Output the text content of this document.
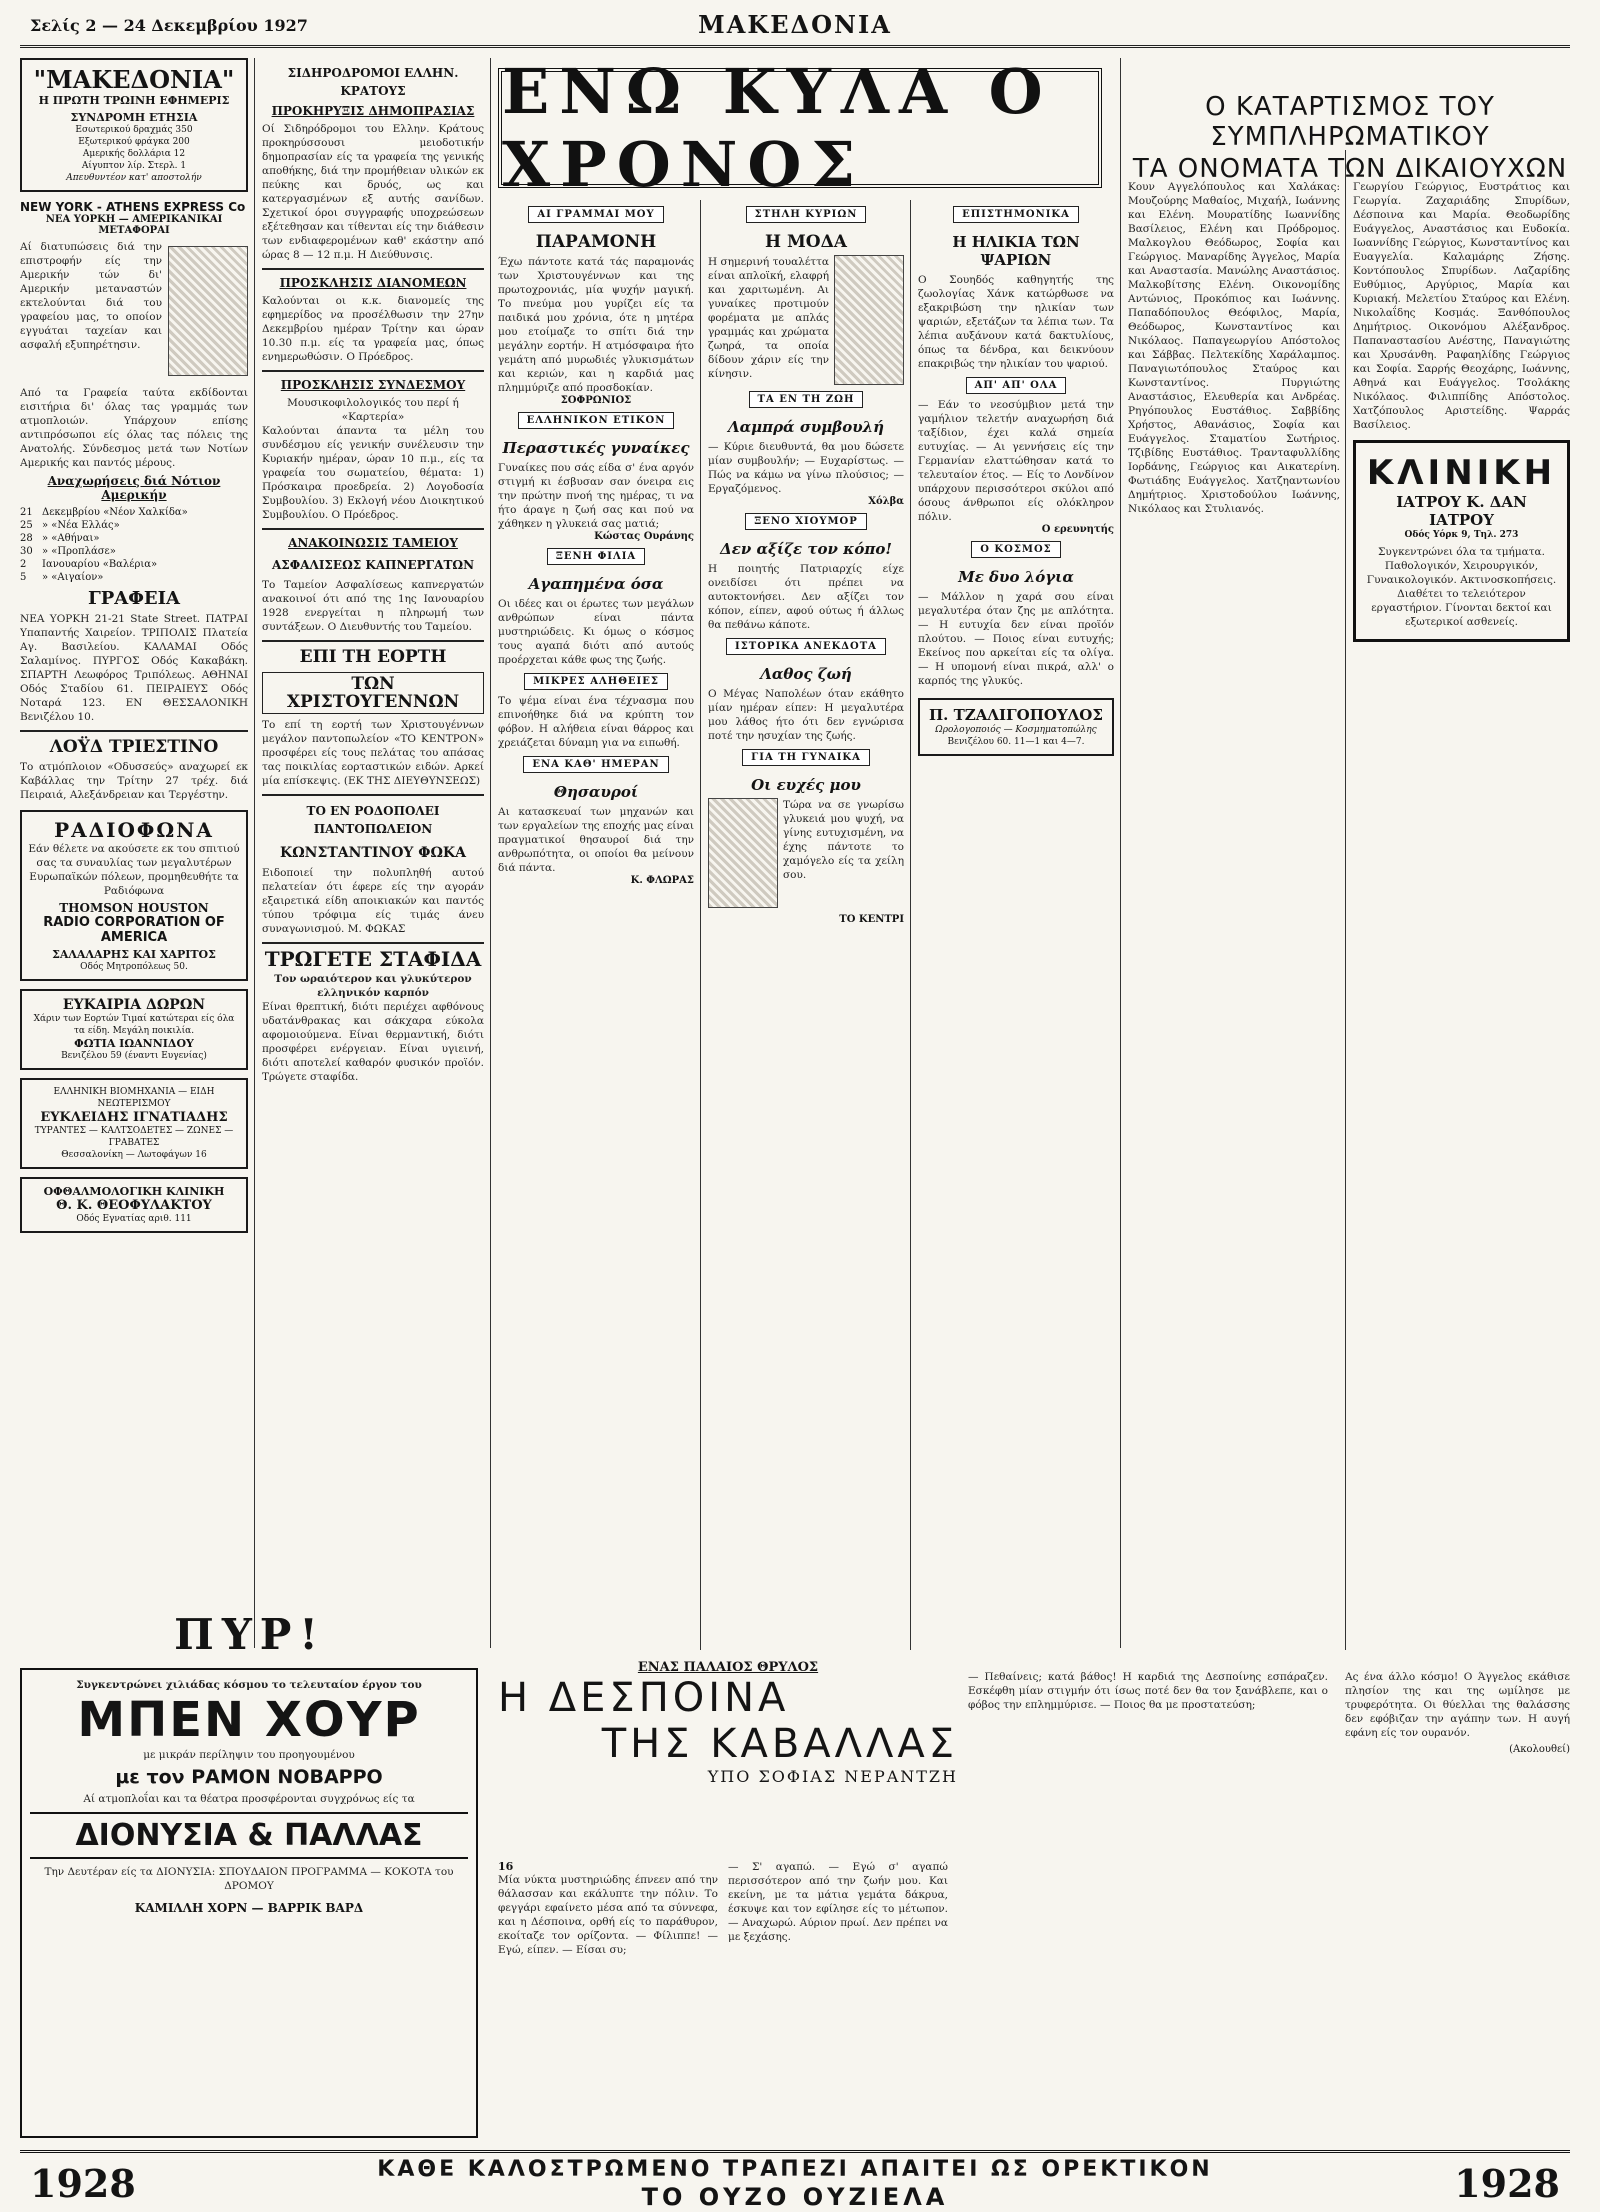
Σελίς 2 — 24 Δεκεμβρίου 1927	ΜΑΚΕΔΟΝΙΑ
"ΜΑΚΕΔΟΝΙΑ"
Η ΠΡΩΤΗ ΤΡΩΙΝΗ ΕΦΗΜΕΡΙΣ
ΣΥΝΔΡΟΜΗ ΕΤΗΣΙΑ
Εσωτερικού δραχμάς 350
Εξωτερικού φράγκα 200
Αμερικής δολλάρια 12
Αίγυπτον λίρ. Στερλ. 1
Απευθυντέον κατ' αποστολήν
NEW YORK - ATHENS EXPRESS Co
ΝΕΑ ΥΟΡΚΗ — ΑΜΕΡΙΚΑΝΙΚΑΙ ΜΕΤΑΦΟΡΑΙ
Αί διατυπώσεις διά την επιστροφήν είς την Αμερικήν τών δι' Αμερικήν μεταναστών εκτελούνται διά του γραφείου μας, το οποίον εγγυάται ταχείαν και ασφαλή εξυπηρέτησιν.
Από τα Γραφεία ταύτα εκδίδονται εισιτήρια δι' όλας τας γραμμάς των ατμοπλοιών. Υπάρχουν επίσης αντιπρόσωποι είς όλας τας πόλεις της Ανατολής. Σύνδεσμος μετά των Νοτίων Αμερικής και παντός μέρους.
Αναχωρήσεις διά Νότιον Αμερικήν
21 Δεκεμβρίου «Νέον Χαλκίδα»
25 » «Νέα Ελλάς»
28 » «Αθήναι»
30 » «Προπλάσε»
2	Ιανουαρίου «Βαλέρια»
5	» «Αιγαίον»
ΓΡΑΦΕΙΑ
ΝΕΑ ΥΟΡΚΗ 21-21 State Street. ΠΑΤΡΑΙ Υπαπαντής Χαιρείον. ΤΡΙΠΟΛΙΣ Πλατεία Αγ. Βασιλείου. ΚΑΛΑΜΑΙ Οδός Σαλαμίνος. ΠΥΡΓΟΣ Οδός Κακαβάκη. ΣΠΑΡΤΗ Λεωφόρος Τριπόλεως. ΑΘΗΝΑΙ Οδός Σταδίου 61. ΠΕΙΡΑΙΕΥΣ Οδός Νοταρά 123. ΕΝ ΘΕΣΣΑΛΟΝΙΚΗ Βενιζέλου 10.
ΛΟΫΔ ΤΡΙΕΣΤΙΝΟ
Το ατμόπλοιον «Οδυσσεύς» αναχωρεί εκ Καβάλλας την Τρίτην 27 τρέχ. διά Πειραιά, Αλεξάνδρειαν και Τεργέστην.
ΡΑΔΙΟΦΩΝΑ
Εάν θέλετε να ακούσετε εκ του σπιτιού σας τα συναυλίας των μεγαλυτέρων Ευρωπαϊκών πόλεων, προμηθευθήτε τα Ραδιόφωνα
THOMSON HOUSTON
RADIO CORPORATION OF AMERICA
ΣΑΛΑΛΑΡΗΣ ΚΑΙ ΧΑΡΙΤΟΣ
Οδός Μητροπόλεως 50.
ΕΥΚΑΙΡΙΑ ΔΩΡΩΝ
Χάριν των Εορτών Τιμαί κατώτεραι είς όλα τα είδη. Μεγάλη ποικιλία.
ΦΩΤΙΑ ΙΩΑΝΝΙΔΟΥ
Βενιζέλου 59 (έναντι Ευγενίας)
ΕΛΛΗΝΙΚΗ ΒΙΟΜΗΧΑΝΙΑ — ΕΙΔΗ ΝΕΩΤΕΡΙΣΜΟΥ
ΕΥΚΛΕΙΔΗΣ ΙΓΝΑΤΙΑΔΗΣ
ΤΥΡΑΝΤΕΣ — ΚΑΛΤΣΟΔΕΤΕΣ — ΖΩΝΕΣ — ΓΡΑΒΑΤΕΣ
Θεσσαλονίκη — Λωτοφάγων 16
ΟΦΘΑΛΜΟΛΟΓΙΚΗ ΚΛΙΝΙΚΗ
Θ. Κ. ΘΕΟΦΥΛΑΚΤΟΥ
Οδός Εγνατίας αριθ. 111
ΣΙΔΗΡΟΔΡΟΜΟΙ ΕΛΛΗΝ. ΚΡΑΤΟΥΣ
ΠΡΟΚΗΡΥΞΙΣ ΔΗΜΟΠΡΑΣΙΑΣ
Οί Σιδηρόδρομοι του Ελλην. Κράτους προκηρύσσουσι μειοδοτικήν δημοπρασίαν είς τα γραφεία της γενικής αποθήκης, διά την προμήθειαν υλικών εκ πεύκης και δρυός, ως και κατεργασμένων εξ αυτής σανίδων. Σχετικοί όροι συγγραφής υποχρεώσεων εξέτεθησαν και τίθενται είς την διάθεσιν των ενδιαφερομένων καθ' εκάστην από ώρας 8 — 12 π.μ. Η Διεύθυνσις.
ΠΡΟΣΚΛΗΣΙΣ ΔΙΑΝΟΜΕΩΝ
Καλούνται οι κ.κ. διανομείς της εφημερίδος να προσέλθωσιν την 27ην Δεκεμβρίου ημέραν Τρίτην και ώραν 10.30 π.μ. είς τα γραφεία μας, όπως ενημερωθώσιν. Ο Πρόεδρος.
ΠΡΟΣΚΛΗΣΙΣ ΣΥΝΔΕΣΜΟΥ
Μουσικοφιλολογικός του περί ή «Καρτερία»
Καλούνται άπαντα τα μέλη του συνδέσμου είς γενικήν συνέλευσιν την Κυριακήν ημέραν, ώραν 10 π.μ., είς τα γραφεία του σωματείου, θέματα: 1) Πρόσκαιρα προεδρεία. 2) Λογοδοσία Συμβουλίου. 3) Εκλογή νέου Διοικητικού Συμβουλίου. Ο Πρόεδρος.
ΑΝΑΚΟΙΝΩΣΙΣ ΤΑΜΕΙΟΥ
ΑΣΦΑΛΙΣΕΩΣ ΚΑΠΝΕΡΓΑΤΩΝ
Το Ταμείον Ασφαλίσεως καπνεργατών ανακοινοί ότι από της 1ης Ιανουαρίου 1928 ενεργείται η πληρωμή των συντάξεων. Ο Διευθυντής του Ταμείου.
ΕΠΙ ΤΗ ΕΟΡΤΗ
ΤΩΝ ΧΡΙΣΤΟΥΓΕΝΝΩΝ
Το επί τη εορτή των Χριστουγέννων μεγάλον παντοπωλείον «ΤΟ ΚΕΝΤΡΟΝ» προσφέρει είς τους πελάτας του απάσας τας ποικιλίας εορταστικών ειδών. Αρκεί μία επίσκεψις. (ΕΚ ΤΗΣ ΔΙΕΥΘΥΝΣΕΩΣ)
ΤΟ ΕΝ ΡΟΔΟΠΟΛΕΙ ΠΑΝΤΟΠΩΛΕΙΟΝ
ΚΩΝΣΤΑΝΤΙΝΟΥ ΦΩΚΑ
Ειδοποιεί την πολυπληθή αυτού πελατείαν ότι έφερε είς την αγοράν εξαιρετικά είδη αποικιακών και παντός τύπου τρόφιμα είς τιμάς άνευ συναγωνισμού. Μ. ΦΩΚΑΣ
ΤΡΩΓΕΤΕ ΣΤΑΦΙΔΑ
Τον ωραιότερον και γλυκύτερον ελληνικόν καρπόν
Είναι θρεπτική, διότι περιέχει αφθόνους υδατάνθρακας και σάκχαρα εύκολα αφομοιούμενα. Είναι θερμαντική, διότι προσφέρει ενέργειαν. Είναι υγιεινή, διότι αποτελεί καθαρόν φυσικόν προϊόν. Τρώγετε σταφίδα.
ΕΝΩ ΚΥΛΑ Ο ΧΡΟΝΟΣ
ΑΙ ΓΡΑΜΜΑΙ ΜΟΥ
ΠΑΡΑΜΟΝΗ
Έχω πάντοτε κατά τάς παραμονάς των Χριστουγέννων και της πρωτοχρονιάς, μία ψυχήν μαγική. Το πνεύμα μου γυρίζει είς τα παιδικά μου χρόνια, ότε η μητέρα μου ετοίμαζε το σπίτι διά την μεγάλην εορτήν. Η ατμόσφαιρα ήτο γεμάτη από μυρωδιές γλυκισμάτων και κεριών, και η καρδιά μας πλημμύριζε από προσδοκίαν.
ΣΟΦΡΩΝΙΟΣ
ΕΛΛΗΝΙΚΟΝ ΕΤΙΚΟΝ
Περαστικές γυναίκες
Γυναίκες που σάς είδα σ' ένα αργόν στιγμή κι έσβυσαν σαν όνειρα εις την πρώτην πνοή της ημέρας, τι να ήτο άραγε η ζωή σας και πού να χάθηκεν η γλυκειά σας ματιά;
Κώστας Ουράνης
ΞΕΝΗ ΦΙΛΙΑ
Αγαπημένα όσα
Οι ιδέες και οι έρωτες των μεγάλων ανθρώπων είναι πάντα μυστηριώδεις. Κι όμως ο κόσμος τους αγαπά διότι από αυτούς προέρχεται κάθε φως της ζωής.
ΜΙΚΡΕΣ ΑΛΗΘΕΙΕΣ
Το ψέμα είναι ένα τέχνασμα που επινοήθηκε διά να κρύπτη τον φόβον. Η αλήθεια είναι θάρρος και χρειάζεται δύναμη για να ειπωθή.
ΕΝΑ ΚΑΘ' ΗΜΕΡΑΝ
Θησαυροί
Αι κατασκευαί των μηχανών και των εργαλείων της εποχής μας είναι πραγματικοί θησαυροί διά την ανθρωπότητα, οι οποίοι θα μείνουν διά πάντα.
Κ. ΦΛΩΡΑΣ
ΣΤΗΛΗ ΚΥΡΙΩΝ
Η ΜΟΔΑ
Η σημερινή τουαλέττα είναι απλοϊκή, ελαφρή και χαριτωμένη. Αι γυναίκες προτιμούν φορέματα με απλάς γραμμάς και χρώματα ζωηρά, τα οποία δίδουν χάριν είς την κίνησιν.
ΤΑ ΕΝ ΤΗ ΖΩΗ
Λαμπρά συμβουλή
— Κύριε διευθυντά, θα μου δώσετε μίαν συμβουλήν; — Ευχαρίστως. — Πώς να κάμω να γίνω πλούσιος; — Εργαζόμενος.
Χόλβα
ΞΕΝΟ ΧΙΟΥΜΟΡ
Δεν αξίζε τον κόπο!
Η ποιητής Πατριαρχίς είχε ονειδίσει ότι πρέπει να αυτοκτονήσει. Δεν αξίζει τον κόπον, είπεν, αφού ούτως ή άλλως θα πεθάνω κάποτε.
ΙΣΤΟΡΙΚΑ ΑΝΕΚΔΟΤΑ
Λαθος ζωή
Ο Μέγας Ναπολέων όταν εκάθητο μίαν ημέραν είπεν: Η μεγαλυτέρα μου λάθος ήτο ότι δεν εγνώρισα ποτέ την ησυχίαν της ζωής.
ΓΙΑ ΤΗ ΓΥΝΑΙΚΑ
Οι ευχές μου
Τώρα να σε γνωρίσω γλυκειά μου ψυχή, να γίνης ευτυχισμένη, να έχης πάντοτε το χαμόγελο είς τα χείλη σου.
ΤΟ ΚΕΝΤΡΙ
ΕΠΙΣΤΗΜΟΝΙΚΑ
Η ΗΛΙΚΙΑ ΤΩΝ ΨΑΡΙΩΝ
Ο Σουηδός καθηγητής της ζωολογίας Χάνκ κατώρθωσε να εξακριβώση την ηλικίαν των ψαριών, εξετάζων τα λέπια των. Τα λέπια αυξάνουν κατά δακτυλίους, όπως τα δένδρα, και δεικνύουν επακριβώς την ηλικίαν του ψαριού.
ΑΠ' ΑΠ' ΟΛΑ
— Εάν το νεοσύμβιον μετά την γαμήλιον τελετήν αναχωρήση διά ταξίδιον, έχει καλά σημεία ευτυχίας. — Αι γεννήσεις είς την Γερμανίαν ελαττώθησαν κατά το τελευταίον έτος. — Είς το Λονδίνον υπάρχουν περισσότεροι σκύλοι από όσους άνθρωποι είς ολόκληρον πόλιν.
Ο ερευνητής
Ο ΚΟΣΜΟΣ
Με δυο λόγια
— Μάλλον η χαρά σου είναι μεγαλυτέρα όταν ζης με απλότητα. — Η ευτυχία δεν είναι προϊόν πλούτου. — Ποιος είναι ευτυχής; Εκείνος που αρκείται είς τα ολίγα. — Η υπομονή είναι πικρά, αλλ' ο καρπός της γλυκύς.
Π. ΤΖΑΛΙΓΟΠΟΥΛΟΣ
Ωρολογοποιός — Κοσμηματοπώλης
Βενιζέλου 60. 11—1 και 4—7.
Ο ΚΑΤΑΡΤΙΣΜΟΣ ΤΟΥ ΣΥΜΠΛΗΡΩΜΑΤΙΚΟΥ
ΤΑ ΟΝΟΜΑΤΑ ΤΩΝ ΔΙΚΑΙΟΥΧΩΝ
Κουν Αγγελόπουλος και Χαλάκας: Μουζούρης Μαθαίος, Μιχαήλ, Ιωάννης και Ελένη. Μουρατίδης Ιωαννίδης Βασίλειος, Ελένη και Πρόδρομος. Μαλκογλου Θεόδωρος, Σοφία και Γεώργιος. Μαναρίδης Άγγελος, Μαρία και Αναστασία. Μανώλης Αναστάσιος. Μαλκοβίτσης Ελένη. Οικονομίδης Αντώνιος, Προκόπιος και Ιωάννης. Παπαδόπουλος Θεόφιλος, Μαρία, Θεόδωρος, Κωνσταντίνος και Νικόλαος. Παπαγεωργίου Απόστολος και Σάββας. Πελτεκίδης Χαράλαμπος. Παναγιωτόπουλος Σταύρος και Κωνσταντίνος. Πυργιώτης Αναστάσιος, Ελευθερία και Ανδρέας. Ρηγόπουλος Ευστάθιος. Σαββίδης Χρήστος, Αθανάσιος, Σοφία και Ευάγγελος. Σταματίου Σωτήριος. Τζιβίδης Ευστάθιος. Τρανταφυλλίδης Ιορδάνης, Γεώργιος και Αικατερίνη. Φωτιάδης Ευάγγελος. Χατζηαντωνίου Δημήτριος. Χριστοδούλου Ιωάννης, Νικόλαος και Στυλιανός.
Γεωργίου Γεώργιος, Ευστράτιος και Γεωργία. Ζαχαριάδης Σπυρίδων, Δέσποινα και Μαρία. Θεοδωρίδης Ευάγγελος, Αναστάσιος και Ευδοκία. Ιωαννίδης Γεώργιος, Κωνσταντίνος και Ευαγγελία. Καλαμάρης Ζήσης. Κοντόπουλος Σπυρίδων. Λαζαρίδης Ευθύμιος, Αργύριος, Μαρία και Κυριακή. Μελετίου Σταύρος και Ελένη. Νικολαΐδης Κοσμάς. Ξανθόπουλος Δημήτριος. Οικονόμου Αλέξανδρος. Παπαναστασίου Ανέστης, Παναγιώτης και Χρυσάνθη. Ραφαηλίδης Γεώργιος και Σοφία. Σαρρής Θεοχάρης, Ιωάννης, Αθηνά και Ευάγγελος. Τσολάκης Νικόλαος. Φιλιππίδης Απόστολος. Χατζόπουλος Αριστείδης. Ψαρράς Βασίλειος.
ΚΛΙΝΙΚΗ
ΙΑΤΡΟΥ Κ. ΔΑΝ ΙΑΤΡΟΥ
Οδός Υόρκ 9, Τηλ. 273
Συγκεντρώνει όλα τα τμήματα. Παθολογικόν, Χειρουργικόν, Γυναικολογικόν. Ακτινοσκοπήσεις. Διαθέτει το τελειότερον εργαστήριον. Γίνονται δεκτοί και εξωτερικοί ασθενείς.
ΠΥΡ!
Συγκεντρώνει χιλιάδας κόσμου το τελευταίον έργον του
ΜΠΕΝ ΧΟΥΡ
με μικράν περίληψιν του προηγουμένου
με τον ΡΑΜΟΝ ΝΟΒΑΡΡΟ
Αί ατμοπλοΐαι και τα θέατρα προσφέρονται συγχρόνως είς τα
ΔΙΟΝΥΣΙΑ & ΠΑΛΛΑΣ
Την Δευτέραν είς τα ΔΙΟΝΥΣΙΑ: ΣΠΟΥΔΑΙΟΝ ΠΡΟΓΡΑΜΜΑ — ΚΟΚΟΤΑ του ΔΡΟΜΟΥ
ΚΑΜΙΛΛΗ ΧΟΡΝ — ΒΑΡΡΙΚ ΒΑΡΔ
ΕΝΑΣ ΠΑΛΑΙΟΣ ΘΡΥΛΟΣ
Η ΔΕΣΠΟΙΝΑ
ΤΗΣ ΚΑΒΑΛΛΑΣ
ΥΠΟ ΣΟΦΙΑΣ ΝΕΡΑΝΤΖΗ
16
Μία νύκτα μυστηριώδης έπνεεν από την θάλασσαν και εκάλυπτε την πόλιν. Το φεγγάρι εφαίνετο μέσα από τα σύννεφα, και η Δέσποινα, ορθή είς το παράθυρον, εκοίταζε τον ορίζοντα. — Φίλιππε! — Εγώ, είπεν. — Είσαι συ;
— Σ' αγαπώ. — Εγώ σ' αγαπώ περισσότερον από την ζωήν μου. Και εκείνη, με τα μάτια γεμάτα δάκρυα, έσκυψε και τον εφίλησε είς το μέτωπον. — Αναχωρώ. Αύριον πρωί. Δεν πρέπει να με ξεχάσης.
— Πεθαίνεις; κατά βάθος! Η καρδιά της Δεσποίνης εσπάραζεν. Εσκέφθη μίαν στιγμήν ότι ίσως ποτέ δεν θα τον ξανάβλεπε, και ο φόβος την επλημμύρισε. — Ποιος θα με προστατεύση;
Ας ένα άλλο κόσμο! Ο Άγγελος εκάθισε πλησίον της και της ωμίλησε με τρυφερότητα. Οι θύελλαι της θαλάσσης δεν εφόβιζαν την αγάπην των. Η αυγή εφάνη είς τον ουρανόν.
(Ακολουθεί)
1928	ΚΑΘΕ ΚΑΛΟΣΤΡΩΜΕΝΟ ΤΡΑΠΕΖΙ ΑΠΑΙΤΕΙ ΩΣ ΟΡΕΚΤΙΚΟΝ
ΤΟ ΟΥΖΟ ΟΥΖΙΕΛΑ	1928
